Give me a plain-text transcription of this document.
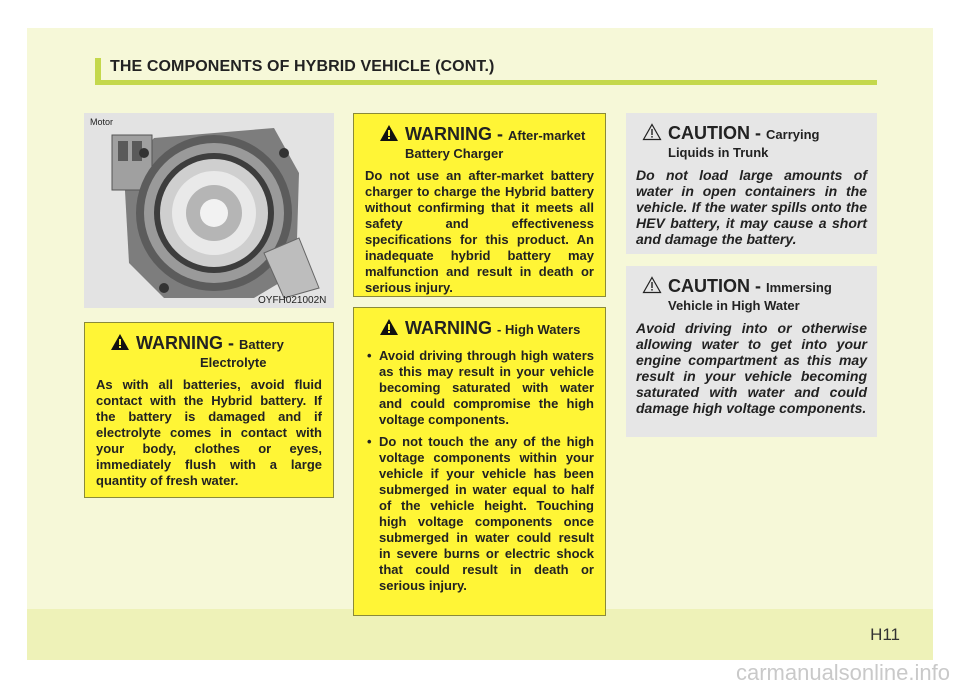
THE COMPONENTS OF HYBRID VEHICLE (CONT.)
Motor
OYFH021002N
WARNING - Battery
Electrolyte
As with all batteries, avoid fluid contact with the Hybrid battery. If the battery is damaged and if electrolyte comes in contact with your body, clothes or eyes, immediately flush with a large quantity of fresh water.
WARNING - After-market
Battery Charger
Do not use an after-market battery charger to charge the Hybrid battery without confirming that it meets all safety and effectiveness specifications for this product. An inadequate hybrid battery may malfunction and result in death or serious injury.
WARNING - High Waters
• Avoid driving through high waters as this may result in your vehicle becoming saturated with water and could compromise the high voltage components.
• Do not touch the any of the high voltage components within your vehicle if your vehicle has been submerged in water equal to half of the vehicle height. Touching high voltage components once submerged in water could result in severe burns or electric shock that could result in death or serious injury.
CAUTION - Carrying
Liquids in Trunk
Do not load large amounts of water in open containers in the vehicle. If the water spills onto the HEV battery, it may cause a short and damage the battery.
CAUTION - Immersing
Vehicle in High Water
Avoid driving into or otherwise allowing water to get into your engine compartment as this may result in your vehicle becoming saturated with water and could damage high voltage components.
H11
carmanualsonline.info
